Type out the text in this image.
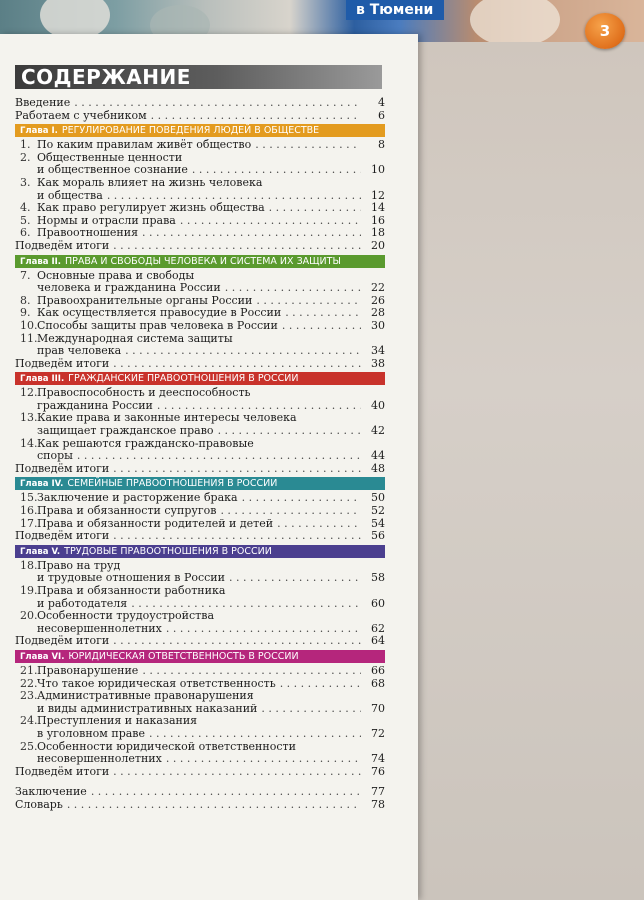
в Тюмени
3
СОДЕРЖАНИЕ
Введение . . .	4
Работаем с учебником . . .	6
Глава I. РЕГУЛИРОВАНИЕ ПОВЕДЕНИЯ ЛЮДЕЙ В ОБЩЕСТВЕ
1. По каким правилам живёт общество . . .	8
2. Общественные ценности
и общественное сознание . . .	10
3. Как мораль влияет на жизнь человека
и общества . . .	12
4. Как право регулирует жизнь общества . . .	14
5. Нормы и отрасли права . . .	16
6. Правоотношения . . .	18
Подведём итоги . . .	20
Глава II. ПРАВА И СВОБОДЫ ЧЕЛОВЕКА И СИСТЕМА ИХ ЗАЩИТЫ
7. Основные права и свободы
человека и гражданина России . . .	22
8. Правоохранительные органы России . . .	26
9. Как осуществляется правосудие в России . . .	28
10. Способы защиты прав человека в России . . .	30
11. Международная система защиты
прав человека . . .	34
Подведём итоги . . .	38
Глава III. ГРАЖДАНСКИЕ ПРАВООТНОШЕНИЯ В РОССИИ
12. Правоспособность и дееспособность
гражданина России . . .	40
13. Какие права и законные интересы человека
защищает гражданское право . . .	42
14. Как решаются гражданско-правовые
споры . . .	44
Подведём итоги . . .	48
Глава IV. СЕМЕЙНЫЕ ПРАВООТНОШЕНИЯ В РОССИИ
15. Заключение и расторжение брака . . .	50
16. Права и обязанности супругов . . .	52
17. Права и обязанности родителей и детей . . .	54
Подведём итоги . . .	56
Глава V. ТРУДОВЫЕ ПРАВООТНОШЕНИЯ В РОССИИ
18. Право на труд
и трудовые отношения в России . . .	58
19. Права и обязанности работника
и работодателя . . .	60
20. Особенности трудоустройства
несовершеннолетних . . .	62
Подведём итоги . . .	64
Глава VI. ЮРИДИЧЕСКАЯ ОТВЕТСТВЕННОСТЬ В РОССИИ
21. Правонарушение . . .	66
22. Что такое юридическая ответственность . . .	68
23. Административные правонарушения
и виды административных наказаний . . .	70
24. Преступления и наказания
в уголовном праве . . .	72
25. Особенности юридической ответственности
несовершеннолетних . . .	74
Подведём итоги . . .	76
Заключение . . .	77
Словарь . . .	78
